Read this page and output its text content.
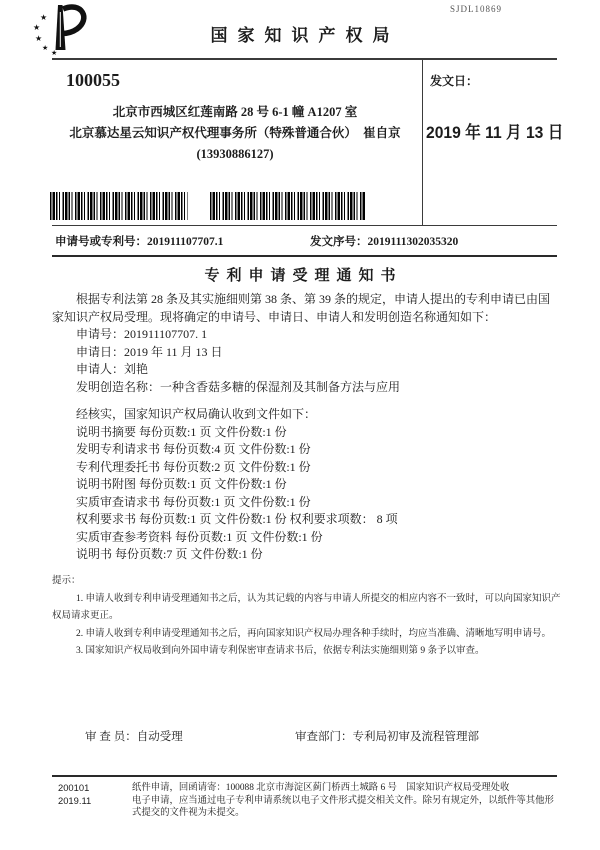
★
★
★
★
★
国家知识产权局
SJDL10869
100055
北京市西城区红莲南路 28 号 6-1 幢 A1207 室
北京慕达星云知识产权代理事务所（特殊普通合伙）　崔自京
(13930886127)
发文日：
2019 年 11 月 13 日
申请号或专利号：201911107707.1	发文序号：2019111302035320
专利申请受理通知书

根据专利法第 28 条及其实施细则第 38 条、第 39 条的规定，申请人提出的专利申请已由国家知识产权局受理。现将确定的申请号、申请日、申请人和发明创造名称通知如下：

申请号：201911107707. 1

申请日：2019 年 11 月 13 日

申请人：刘艳

发明创造名称：一种含香菇多糖的保湿剂及其制备方法与应用

经核实，国家知识产权局确认收到文件如下：

说明书摘要 每份页数:1 页 文件份数:1 份

发明专利请求书 每份页数:4 页 文件份数:1 份

专利代理委托书 每份页数:2 页 文件份数:1 份

说明书附图 每份页数:1 页 文件份数:1 份

实质审查请求书 每份页数:1 页 文件份数:1 份

权利要求书 每份页数:1 页 文件份数:1 份 权利要求项数： 8 项

实质审查参考资料 每份页数:1 页 文件份数:1 份

说明书 每份页数:7 页 文件份数:1 份

提示：

1. 申请人收到专利申请受理通知书之后，认为其记载的内容与申请人所提交的相应内容不一致时，可以向国家知识产权局请求更正。

2. 申请人收到专利申请受理通知书之后，再向国家知识产权局办理各种手续时，均应当准确、清晰地写明申请号。

3. 国家知识产权局收到向外国申请专利保密审查请求书后，依据专利法实施细则第 9 条予以审查。

审 查 员：自动受理	审查部门：专利局初审及流程管理部
200101
2019.11

纸件申请，回函请寄：100088 北京市海淀区蓟门桥西土城路 6 号　国家知识产权局受理处收

电子申请，应当通过电子专利申请系统以电子文件形式提交相关文件。除另有规定外，以纸件等其他形式提交的文件视为未提交。
